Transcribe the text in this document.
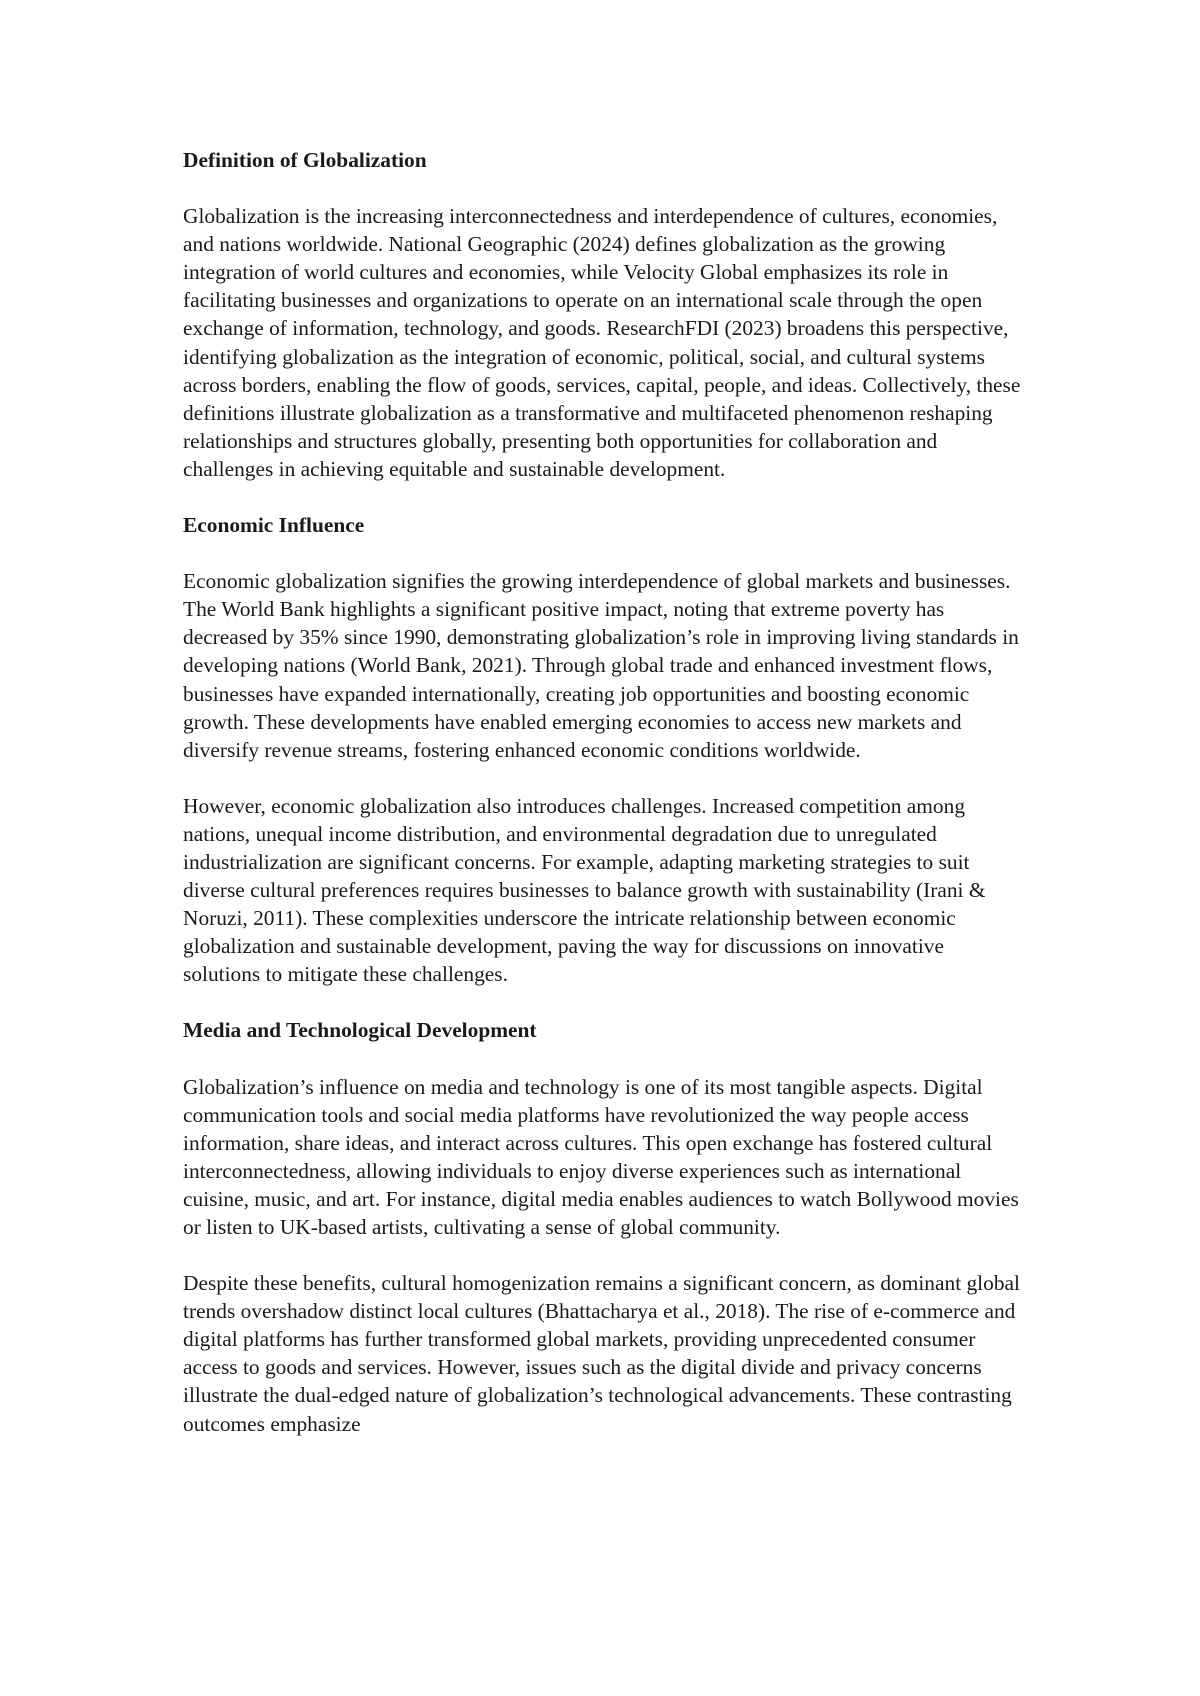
Definition of Globalization
Globalization is the increasing interconnectedness and interdependence of cultures, economies, and nations worldwide. National Geographic (2024) defines globalization as the growing integration of world cultures and economies, while Velocity Global emphasizes its role in facilitating businesses and organizations to operate on an international scale through the open exchange of information, technology, and goods. ResearchFDI (2023) broadens this perspective, identifying globalization as the integration of economic, political, social, and cultural systems across borders, enabling the flow of goods, services, capital, people, and ideas. Collectively, these definitions illustrate globalization as a transformative and multifaceted phenomenon reshaping relationships and structures globally, presenting both opportunities for collaboration and challenges in achieving equitable and sustainable development.
Economic Influence
Economic globalization signifies the growing interdependence of global markets and businesses. The World Bank highlights a significant positive impact, noting that extreme poverty has decreased by 35% since 1990, demonstrating globalization’s role in improving living standards in developing nations (World Bank, 2021). Through global trade and enhanced investment flows, businesses have expanded internationally, creating job opportunities and boosting economic growth. These developments have enabled emerging economies to access new markets and diversify revenue streams, fostering enhanced economic conditions worldwide.
However, economic globalization also introduces challenges. Increased competition among nations, unequal income distribution, and environmental degradation due to unregulated industrialization are significant concerns. For example, adapting marketing strategies to suit diverse cultural preferences requires businesses to balance growth with sustainability (Irani & Noruzi, 2011). These complexities underscore the intricate relationship between economic globalization and sustainable development, paving the way for discussions on innovative solutions to mitigate these challenges.
Media and Technological Development
Globalization’s influence on media and technology is one of its most tangible aspects. Digital communication tools and social media platforms have revolutionized the way people access information, share ideas, and interact across cultures. This open exchange has fostered cultural interconnectedness, allowing individuals to enjoy diverse experiences such as international cuisine, music, and art. For instance, digital media enables audiences to watch Bollywood movies or listen to UK-based artists, cultivating a sense of global community.
Despite these benefits, cultural homogenization remains a significant concern, as dominant global trends overshadow distinct local cultures (Bhattacharya et al., 2018). The rise of e-commerce and digital platforms has further transformed global markets, providing unprecedented consumer access to goods and services. However, issues such as the digital divide and privacy concerns illustrate the dual-edged nature of globalization’s technological advancements. These contrasting outcomes emphasize
